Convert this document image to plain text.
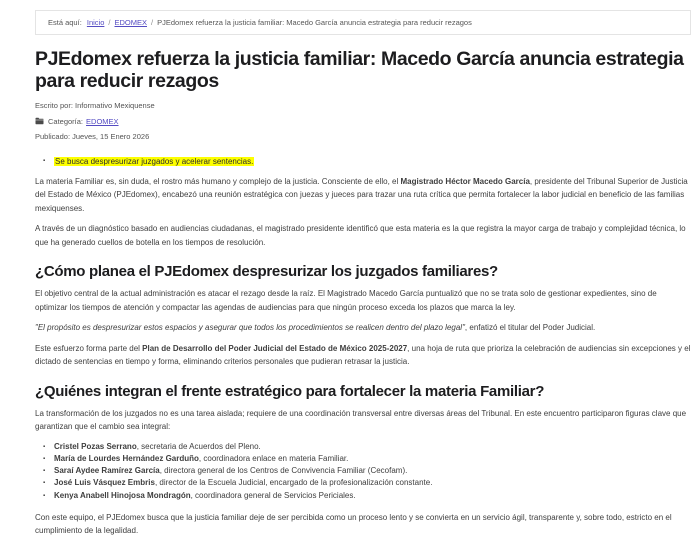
Está aquí: Inicio / EDOMEX / PJEdomex refuerza la justicia familiar: Macedo García anuncia estrategia para reducir rezagos
PJEdomex refuerza la justicia familiar: Macedo García anuncia estrategia para reducir rezagos
Escrito por: Informativo Mexiquense
Categoría: EDOMEX
Publicado: Jueves, 15 Enero 2026
▪ Se busca despresurizar juzgados y acelerar sentencias.

La materia Familiar es, sin duda, el rostro más humano y complejo de la justicia. Consciente de ello, el Magistrado Héctor Macedo García, presidente del Tribunal Superior de Justicia del Estado de México (PJEdomex), encabezó una reunión estratégica con juezas y jueces para trazar una ruta crítica que permita fortalecer la labor judicial en beneficio de las familias mexiquenses.

A través de un diagnóstico basado en audiencias ciudadanas, el magistrado presidente identificó que esta materia es la que registra la mayor carga de trabajo y complejidad técnica, lo que ha generado cuellos de botella en los tiempos de resolución.

¿Cómo planea el PJEdomex despresurizar los juzgados familiares?

El objetivo central de la actual administración es atacar el rezago desde la raíz. El Magistrado Macedo García puntualizó que no se trata solo de gestionar expedientes, sino de optimizar los tiempos de atención y compactar las agendas de audiencias para que ningún proceso exceda los plazos que marca la ley.

"El propósito es despresurizar estos espacios y asegurar que todos los procedimientos se realicen dentro del plazo legal", enfatizó el titular del Poder Judicial.

Este esfuerzo forma parte del Plan de Desarrollo del Poder Judicial del Estado de México 2025-2027, una hoja de ruta que prioriza la celebración de audiencias sin excepciones y el dictado de sentencias en tiempo y forma, eliminando criterios personales que pudieran retrasar la justicia.

¿Quiénes integran el frente estratégico para fortalecer la materia Familiar?

La transformación de los juzgados no es una tarea aislada; requiere de una coordinación transversal entre diversas áreas del Tribunal. En este encuentro participaron figuras clave que garantizan que el cambio sea integral:

▪ Cristel Pozas Serrano, secretaria de Acuerdos del Pleno.
▪ María de Lourdes Hernández Garduño, coordinadora enlace en materia Familiar.
▪ Saraí Aydee Ramírez García, directora general de los Centros de Convivencia Familiar (Cecofam).
▪ José Luis Vásquez Embris, director de la Escuela Judicial, encargado de la profesionalización constante.
▪ Kenya Anabell Hinojosa Mondragón, coordinadora general de Servicios Periciales.

Con este equipo, el PJEdomex busca que la justicia familiar deje de ser percibida como un proceso lento y se convierta en un servicio ágil, transparente y, sobre todo, estricto en el cumplimiento de la legalidad.
